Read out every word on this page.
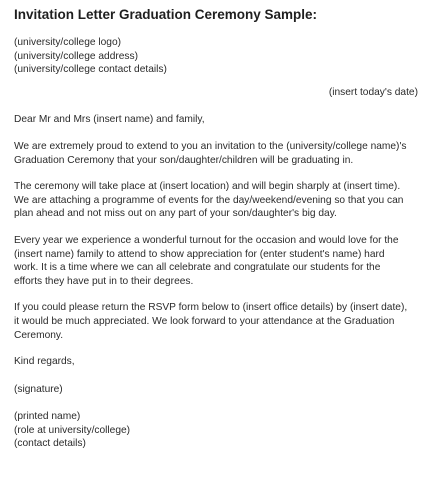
Invitation Letter Graduation Ceremony Sample:
(university/college logo)
(university/college address)
(university/college contact details)
(insert today's date)
Dear Mr and Mrs (insert name) and family,
We are extremely proud to extend to you an invitation to the (university/college name)'s
Graduation Ceremony that your son/daughter/children will be graduating in.
The ceremony will take place at (insert location) and will begin sharply at (insert time).
We are attaching a programme of events for the day/weekend/evening so that you can
plan ahead and not miss out on any part of your son/daughter's big day.
Every year we experience a wonderful turnout for the occasion and would love for the
(insert name) family to attend to show appreciation for (enter student's name) hard
work. It is a time where we can all celebrate and congratulate our students for the
efforts they have put in to their degrees.
If you could please return the RSVP form below to (insert office details) by (insert date),
it would be much appreciated. We look forward to your attendance at the Graduation
Ceremony.
Kind regards,
(signature)
(printed name)
(role at university/college)
(contact details)
